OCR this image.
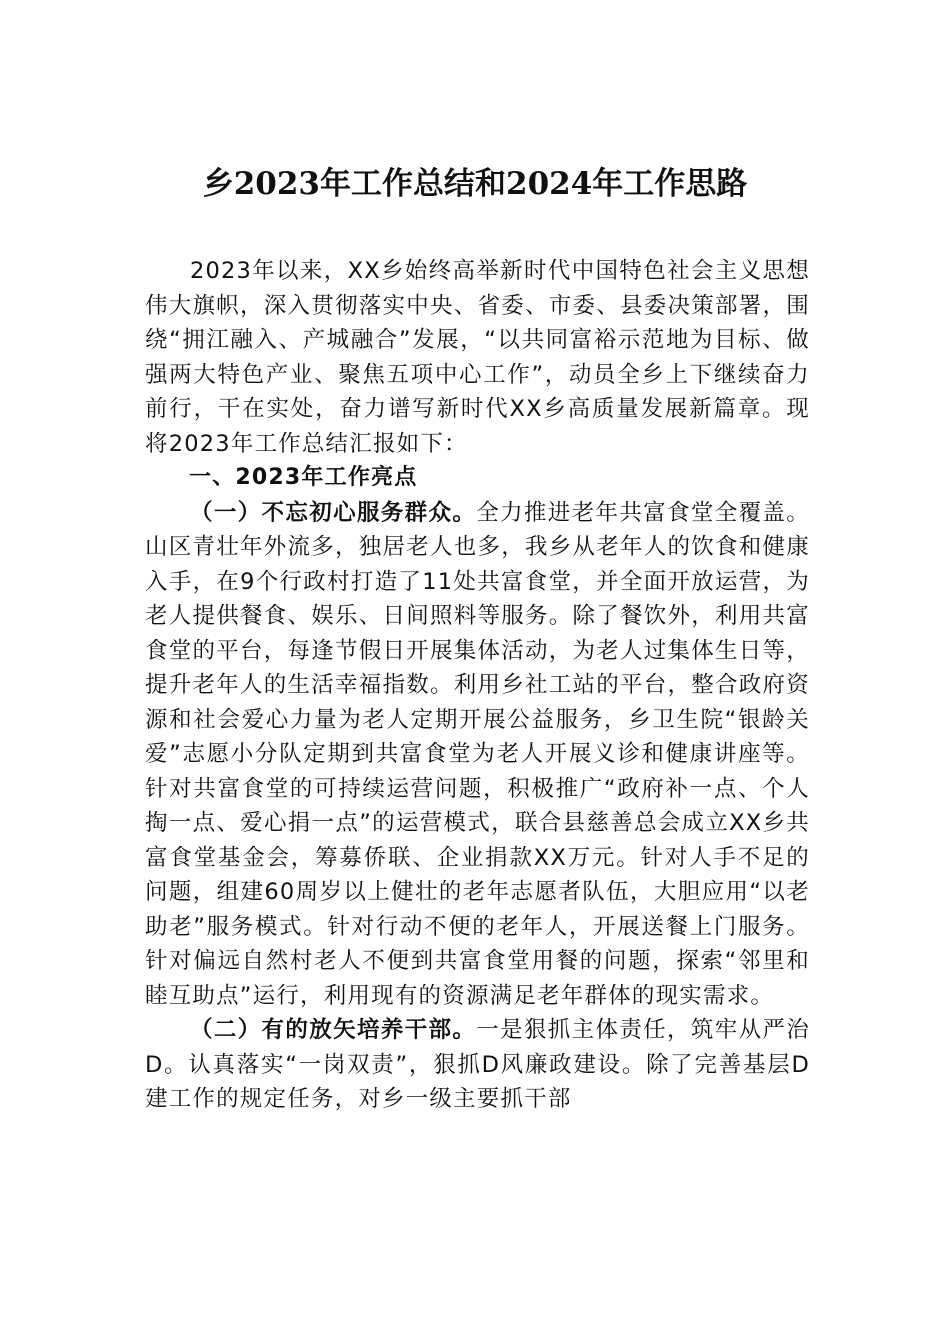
乡2023年工作总结和2024年工作思路

2023年以来，XX乡始终高举新时代中国特色社会主义思想伟大旗帜，深入贯彻落实中央、省委、市委、县委决策部署，围绕“拥江融入、产城融合”发展，“以共同富裕示范地为目标、做强两大特色产业、聚焦五项中心工作”，动员全乡上下继续奋力前行，干在实处，奋力谱写新时代XX乡高质量发展新篇章。现将2023年工作总结汇报如下：

一、2023年工作亮点

（一）不忘初心服务群众。全力推进老年共富食堂全覆盖。山区青壮年外流多，独居老人也多，我乡从老年人的饮食和健康入手，在9个行政村打造了11处共富食堂，并全面开放运营，为老人提供餐食、娱乐、日间照料等服务。除了餐饮外，利用共富食堂的平台，每逢节假日开展集体活动，为老人过集体生日等，提升老年人的生活幸福指数。利用乡社工站的平台，整合政府资源和社会爱心力量为老人定期开展公益服务，乡卫生院“银龄关爱”志愿小分队定期到共富食堂为老人开展义诊和健康讲座等。针对共富食堂的可持续运营问题，积极推广“政府补一点、个人掏一点、爱心捐一点”的运营模式，联合县慈善总会成立XX乡共富食堂基金会，筹募侨联、企业捐款XX万元。针对人手不足的问题，组建60周岁以上健壮的老年志愿者队伍，大胆应用“以老助老”服务模式。针对行动不便的老年人，开展送餐上门服务。针对偏远自然村老人不便到共富食堂用餐的问题，探索“邻里和睦互助点”运行，利用现有的资源满足老年群体的现实需求。

（二）有的放矢培养干部。一是狠抓主体责任，筑牢从严治D。认真落实“一岗双责”，狠抓D风廉政建设。除了完善基层D建工作的规定任务，对乡一级主要抓干部
